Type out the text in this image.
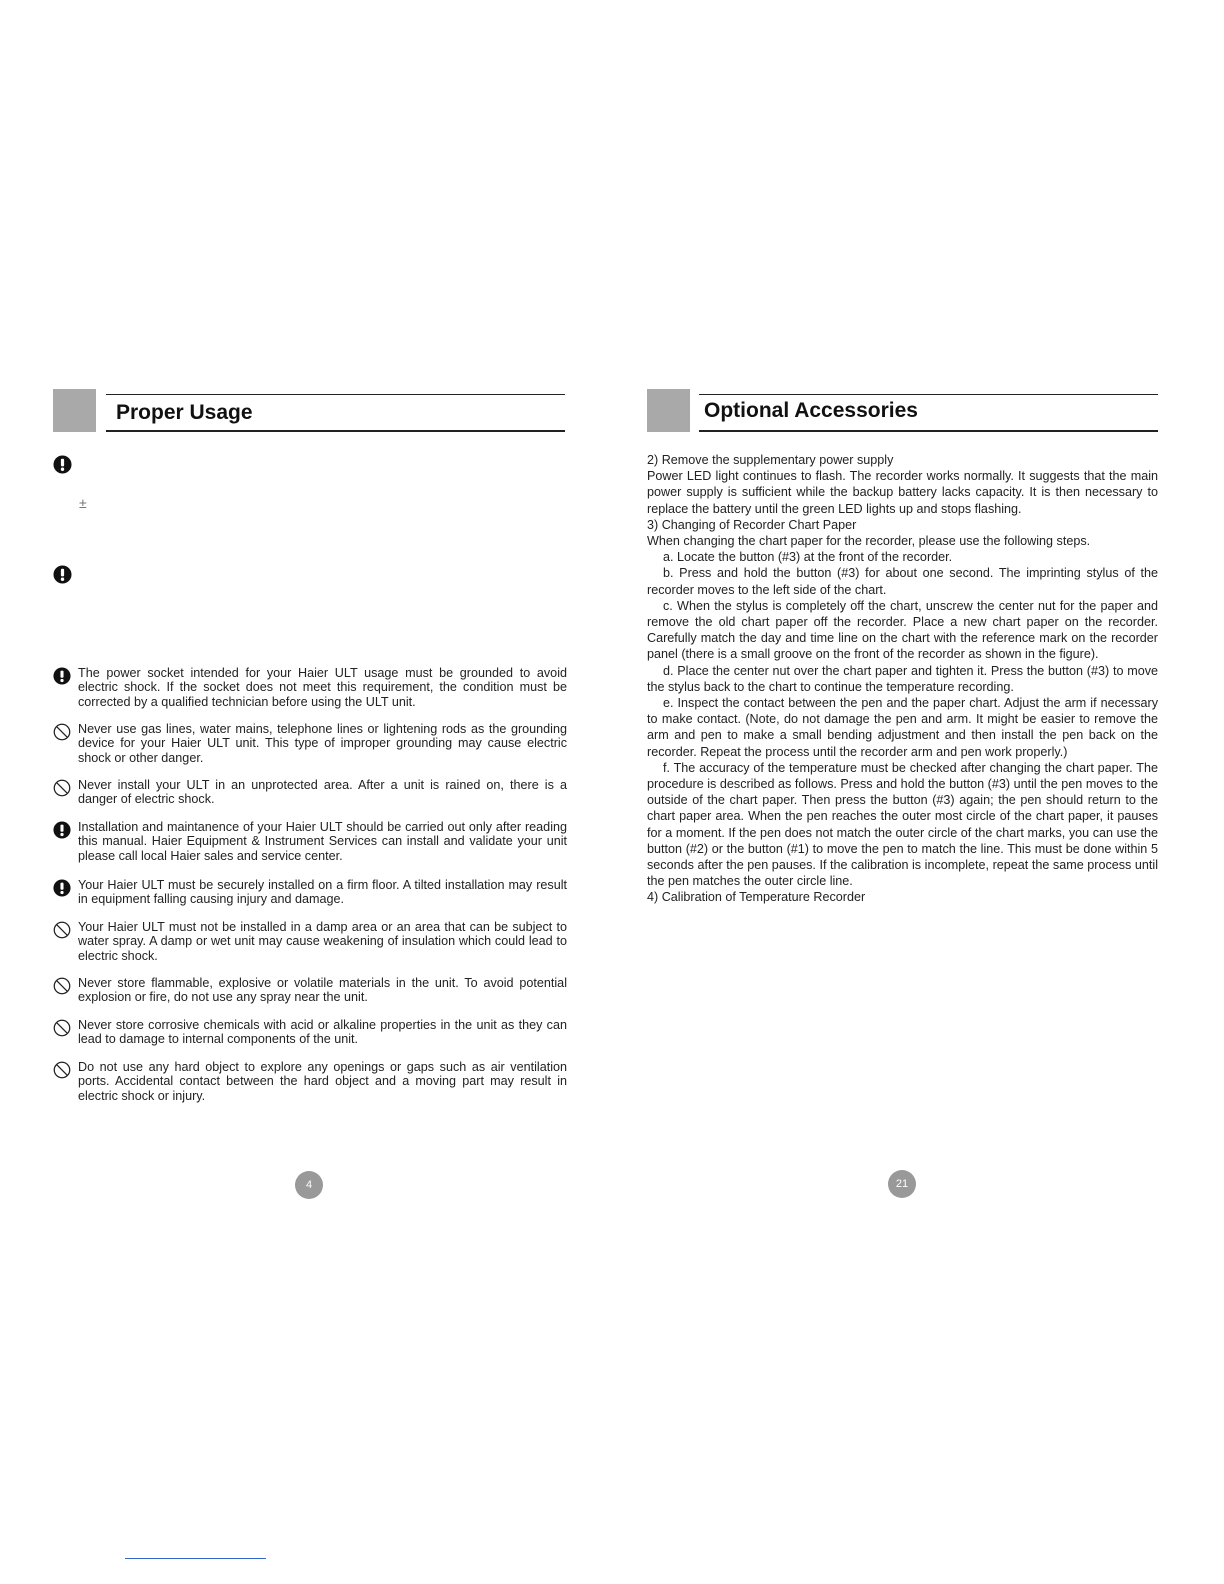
Proper Usage
±
The power socket intended for your Haier ULT usage must be grounded to avoid electric shock. If the socket does not meet this requirement, the condition must be corrected by a qualified technician before using the ULT unit.
Never use gas lines, water mains, telephone lines or lightening rods as the grounding device for your Haier ULT unit. This type of improper grounding may cause electric shock or other danger.
Never install your ULT in an unprotected area. After a unit is rained on, there is a danger of electric shock.
Installation and maintanence of your Haier ULT should be carried out only after reading this manual. Haier Equipment & Instrument Services can install and validate your unit please call local Haier sales and service center.
Your Haier ULT must be securely installed on a firm floor. A tilted installation may result in equipment falling causing injury and damage.
Your Haier ULT must not be installed in a damp area or an area that can be subject to water spray. A damp or wet unit may cause weakening of insulation which could lead to electric shock.
Never store flammable, explosive or volatile materials in the unit. To avoid potential explosion or fire, do not use any spray near the unit.
Never store corrosive chemicals with acid or alkaline properties in the unit as they can lead to damage to internal components of the unit.
Do not use any hard object to explore any openings or gaps such as air ventilation ports. Accidental contact between the hard object and a moving part may result in electric shock or injury.
4
Optional Accessories

2) Remove the supplementary power supply

Power LED light continues to flash. The recorder works normally. It suggests that the main power supply is sufficient while the backup battery lacks capacity. It is then necessary to replace the battery until the green LED lights up and stops flashing.

3) Changing of Recorder Chart Paper

When changing the chart paper for the recorder, please use the following steps.

a. Locate the button (#3) at the front of the recorder.

b. Press and hold the button (#3) for about one second. The imprinting stylus of the recorder moves to the left side of the chart.

c. When the stylus is completely off the chart, unscrew the center nut for the paper and remove the old chart paper off the recorder. Place a new chart paper on the recorder. Carefully match the day and time line on the chart with the reference mark on the recorder panel (there is a small groove on the front of the recorder as shown in the figure).

d. Place the center nut over the chart paper and tighten it. Press the button (#3) to move the stylus back to the chart to continue the temperature recording.

e. Inspect the contact between the pen and the paper chart. Adjust the arm if necessary to make contact. (Note, do not damage the pen and arm. It might be easier to remove the arm and pen to make a small bending adjustment and then install the pen back on the recorder. Repeat the process until the recorder arm and pen work properly.)

f. The accuracy of the temperature must be checked after changing the chart paper. The procedure is described as follows. Press and hold the button (#3) until the pen moves to the outside of the chart paper. Then press the button (#3) again; the pen should return to the chart paper area. When the pen reaches the outer most circle of the chart paper, it pauses for a moment. If the pen does not match the outer circle of the chart marks, you can use the button (#2) or the button (#1) to move the pen to match the line. This must be done within 5 seconds after the pen pauses. If the calibration is incomplete, repeat the same process until the pen matches the outer circle line.

4) Calibration of Temperature Recorder

21
